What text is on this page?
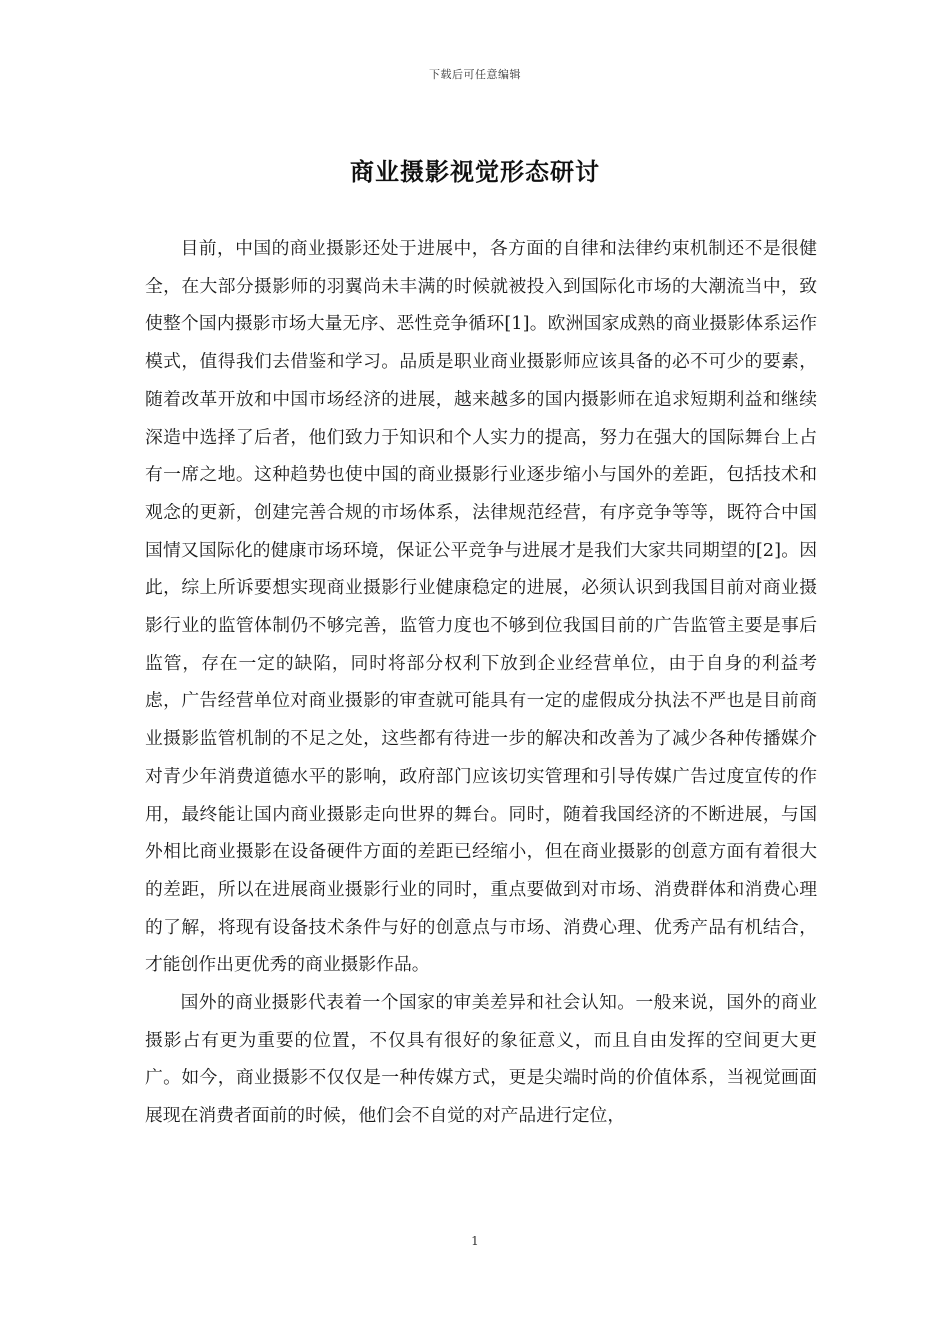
下载后可任意编辑
商业摄影视觉形态研讨

目前，中国的商业摄影还处于进展中，各方面的自律和法律约束机制还不是很健全，在大部分摄影师的羽翼尚未丰满的时候就被投入到国际化市场的大潮流当中，致使整个国内摄影市场大量无序、恶性竞争循环[1]。欧洲国家成熟的商业摄影体系运作模式，值得我们去借鉴和学习。品质是职业商业摄影师应该具备的必不可少的要素，随着改革开放和中国市场经济的进展，越来越多的国内摄影师在追求短期利益和继续深造中选择了后者，他们致力于知识和个人实力的提高，努力在强大的国际舞台上占有一席之地。这种趋势也使中国的商业摄影行业逐步缩小与国外的差距，包括技术和观念的更新，创建完善合规的市场体系，法律规范经营，有序竞争等等，既符合中国国情又国际化的健康市场环境，保证公平竞争与进展才是我们大家共同期望的[2]。因此，综上所诉要想实现商业摄影行业健康稳定的进展，必须认识到我国目前对商业摄影行业的监管体制仍不够完善，监管力度也不够到位我国目前的广告监管主要是事后监管，存在一定的缺陷，同时将部分权利下放到企业经营单位，由于自身的利益考虑，广告经营单位对商业摄影的审查就可能具有一定的虚假成分执法不严也是目前商业摄影监管机制的不足之处，这些都有待进一步的解决和改善为了减少各种传播媒介对青少年消费道德水平的影响，政府部门应该切实管理和引导传媒广告过度宣传的作用，最终能让国内商业摄影走向世界的舞台。同时，随着我国经济的不断进展，与国外相比商业摄影在设备硬件方面的差距已经缩小，但在商业摄影的创意方面有着很大的差距，所以在进展商业摄影行业的同时，重点要做到对市场、消费群体和消费心理的了解，将现有设备技术条件与好的创意点与市场、消费心理、优秀产品有机结合，才能创作出更优秀的商业摄影作品。

国外的商业摄影代表着一个国家的审美差异和社会认知。一般来说，国外的商业摄影占有更为重要的位置，不仅具有很好的象征意义，而且自由发挥的空间更大更广。如今，商业摄影不仅仅是一种传媒方式，更是尖端时尚的价值体系，当视觉画面展现在消费者面前的时候，他们会不自觉的对产品进行定位，

1
